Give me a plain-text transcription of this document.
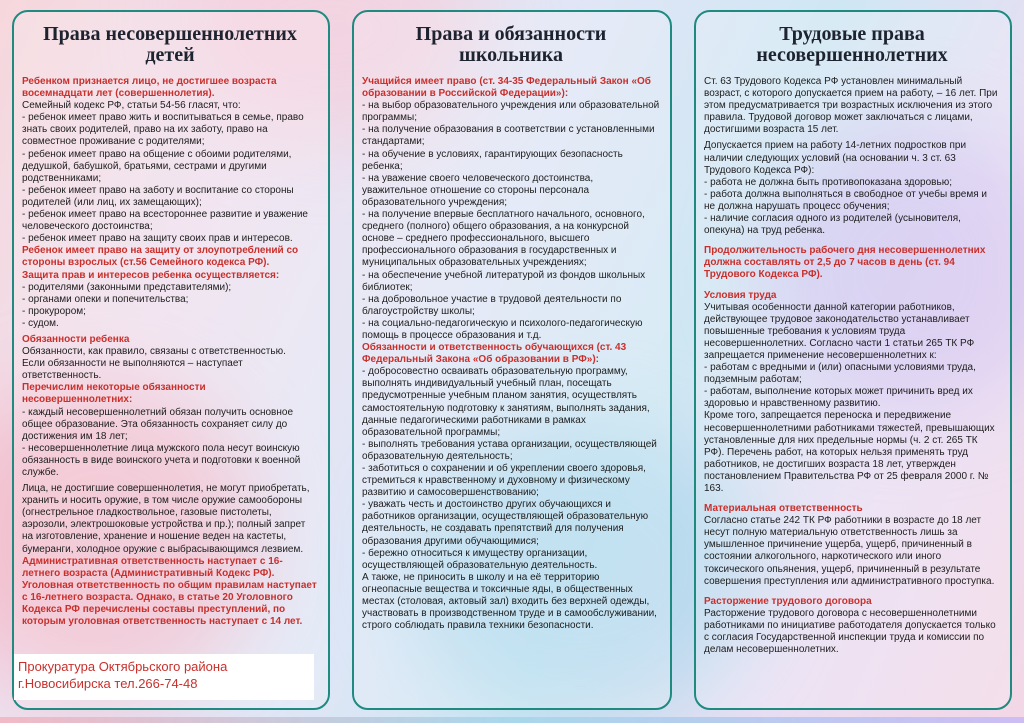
Права несовершеннолетних детей

Ребенком признается лицо, не достигшее возраста восемнадцати лет (совершеннолетия).

Семейный кодекс РФ, статьи 54-56 гласят, что:

- ребенок имеет право жить и воспитываться в семье, право знать своих родителей, право на их заботу, право на совместное проживание с родителями;

- ребенок имеет право на общение с обоими родителями, дедушкой, бабушкой, братьями, сестрами и другими родственниками;

- ребенок имеет право на заботу и воспитание со стороны родителей (или лиц, их замещающих);

- ребенок имеет право на всестороннее развитие и уважение человеческого достоинства;

- ребенок имеет право на защиту своих прав и интересов.

Ребенок имеет право на защиту от злоупотреблений со стороны взрослых (ст.56 Семейного кодекса РФ).

Защита прав и интересов ребенка осуществляется:

- родителями (законными представителями);

- органами опеки и попечительства;

- прокурором;

- судом.

Обязанности ребенка

Обязанности, как правило, связаны с ответственностью.

Если обязанности не выполняются – наступает ответственность.

Перечислим некоторые обязанности несовершеннолетних:

- каждый несовершеннолетний обязан получить основное общее образование. Эта обязанность сохраняет силу до достижения им 18 лет;

- несовершеннолетние лица мужского пола несут воинскую обязанность в виде воинского учета и подготовки к военной службе.

Лица, не достигшие совершеннолетия, не могут приобретать, хранить и носить оружие, в том числе оружие самообороны (огнестрельное гладкоствольное, газовые пистолеты, аэрозоли, электрошоковые устройства и пр.); полный запрет на изготовление, хранение и ношение веден на кастеты, бумеранги, холодное оружие с выбрасывающимся лезвием.

Административная ответственность наступает с 16-летнего возраста (Административный Кодекс РФ).

Уголовная ответственность по общим правилам наступает с 16-летнего возраста. Однако, в статье 20 Уголовного Кодекса РФ перечислены составы преступлений, по которым уголовная ответственность наступает с 14 лет.

Права и обязанности школьника

Учащийся имеет право (ст. 34-35 Федеральный Закон «Об образовании в Российской Федерации»):

- на выбор образовательного учреждения или образовательной программы;

- на получение образования в соответствии с установленными стандартами;

- на обучение в условиях, гарантирующих безопасность ребенка;

- на уважение своего человеческого достоинства, уважительное отношение со стороны персонала образовательного учреждения;

- на получение впервые бесплатного начального, основного, среднего (полного) общего образования, а на конкурсной основе – среднего профессионального, высшего профессионального образования в государственных и муниципальных образовательных учреждениях;

- на обеспечение учебной литературой из фондов школьных библиотек;

- на добровольное участие в трудовой деятельности по благоустройству школы;

- на социально-педагогическую и психолого-педагогическую помощь в процессе образования и т.д.

Обязанности и ответственность обучающихся (ст. 43 Федеральный Закона «Об образовании в РФ»):

- добросовестно осваивать образовательную программу, выполнять индивидуальный учебный план, посещать предусмотренные учебным планом занятия, осуществлять самостоятельную подготовку к занятиям, выполнять задания, данные педагогическими работниками в рамках образовательной программы;

- выполнять требования устава организации, осуществляющей образовательную деятельность;

- заботиться о сохранении и об укреплении своего здоровья, стремиться к нравственному и духовному и физическому развитию и самосовершенствованию;

- уважать честь и достоинство других обучающихся и работников организации, осуществляющей образовательную деятельность, не создавать препятствий для получения образования другими обучающимися;

- бережно относиться к имуществу организации, осуществляющей образовательную деятельность.

А также, не приносить в школу и на её территорию огнеопасные вещества и токсичные яды, в общественных местах (столовая, актовый зал) входить без верхней одежды, участвовать в производственном труде и в самообслуживании, строго соблюдать правила техники безопасности.

Трудовые права несовершеннолетних

Ст. 63 Трудового Кодекса РФ установлен минимальный возраст, с которого допускается прием на работу, – 16 лет. При этом предусматривается три возрастных исключения из этого правила. Трудовой договор может заключаться с лицами, достигшими возраста 15 лет.

Допускается прием на работу 14-летних подростков при наличии следующих условий (на основании ч. 3 ст. 63 Трудового Кодекса РФ):

- работа не должна быть противопоказана здоровью;

- работа должна выполняться в свободное от учебы время и не должна нарушать процесс обучения;

- наличие согласия одного из родителей (усыновителя, опекуна) на труд ребенка.

Продолжительность рабочего дня несовершеннолетних должна составлять от 2,5 до 7 часов в день (ст. 94 Трудового Кодекса РФ).

Условия труда

Учитывая особенности данной категории работников, действующее трудовое законодательство устанавливает повышенные требования к условиям труда несовершеннолетних. Согласно части 1 статьи 265 ТК РФ запрещается применение несовершеннолетних к:

- работам с вредными и (или) опасными условиями труда, подземным работам;

- работам, выполнение которых может причинить вред их здоровью и нравственному развитию.

Кроме того, запрещается переноска и передвижение несовершеннолетними работниками тяжестей, превышающих установленные для них предельные нормы (ч. 2 ст. 265 ТК РФ). Перечень работ, на которых нельзя применять труд работников, не достигших возраста 18 лет, утвержден постановлением Правительства РФ от 25 февраля 2000 г. № 163.

Материальная ответственность

Согласно статье 242 ТК РФ работники в возрасте до 18 лет несут полную материальную ответственность лишь за умышленное причинение ущерба, ущерб, причиненный в состоянии алкогольного, наркотического или иного токсического опьянения, ущерб, причиненный в результате совершения преступления или административного проступка.

Расторжение трудового договора

Расторжение трудового договора с несовершеннолетними работниками по инициативе работодателя допускается только с согласия Государственной инспекции труда и комиссии по делам несовершеннолетних.

Прокуратура Октябрьского района г.Новосибирска тел.266-74-48
